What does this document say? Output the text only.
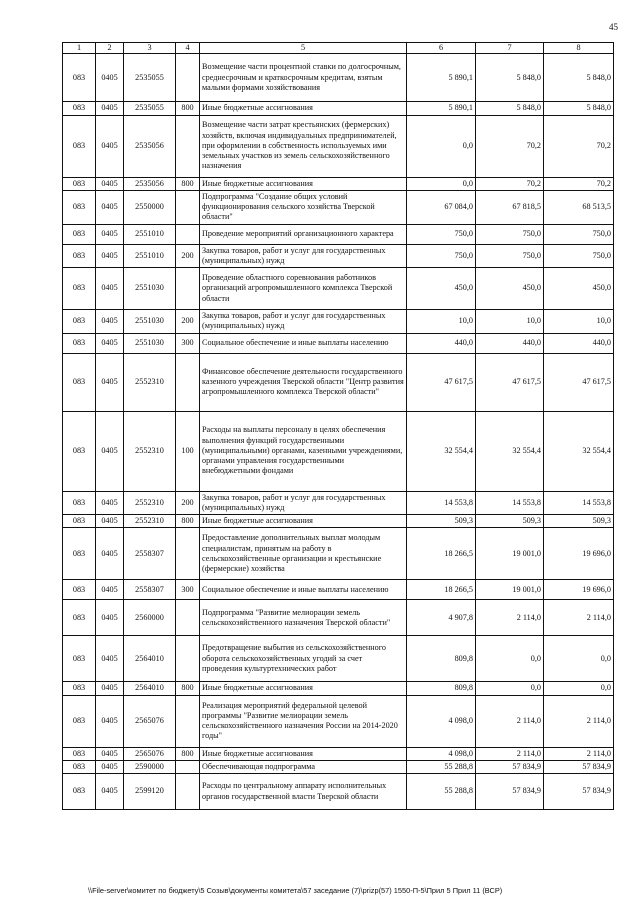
45
1	2	3	4	5	6	7	8
083	0405	2535055		Возмещение части процентной ставки по долгосрочным, среднесрочным и краткосрочным кредитам, взятым малыми формами хозяйствования	5 890,1	5 848,0	5 848,0
083	0405	2535055	800	Иные бюджетные ассигнования	5 890,1	5 848,0	5 848,0
083	0405	2535056		Возмещение части затрат крестьянских (фермерских) хозяйств, включая индивидуальных предпринимателей, при оформлении в собственность используемых ими земельных участков из земель сельскохозяйственного назначения	0,0	70,2	70,2
083	0405	2535056	800	Иные бюджетные ассигнования	0,0	70,2	70,2
083	0405	2550000		Подпрограмма "Создание общих условий функционирования сельского хозяйства Тверской области"	67 084,0	67 818,5	68 513,5
083	0405	2551010		Проведение мероприятий организационного характера	750,0	750,0	750,0
083	0405	2551010	200	Закупка товаров, работ и услуг для государственных (муниципальных) нужд	750,0	750,0	750,0
083	0405	2551030		Проведение областного соревнования работников организаций агропромышленного комплекса Тверской области	450,0	450,0	450,0
083	0405	2551030	200	Закупка товаров, работ и услуг для государственных (муниципальных) нужд	10,0	10,0	10,0
083	0405	2551030	300	Социальное обеспечение и иные выплаты населению	440,0	440,0	440,0
083	0405	2552310		Финансовое обеспечение деятельности государственного казенного учреждения Тверской области "Центр развития агропромышленного комплекса Тверской области"	47 617,5	47 617,5	47 617,5
083	0405	2552310	100	Расходы на выплаты персоналу в целях обеспечения выполнения функций государственными (муниципальными) органами, казенными учреждениями, органами управления государственными внебюджетными фондами	32 554,4	32 554,4	32 554,4
083	0405	2552310	200	Закупка товаров, работ и услуг для государственных (муниципальных) нужд	14 553,8	14 553,8	14 553,8
083	0405	2552310	800	Иные бюджетные ассигнования	509,3	509,3	509,3
083	0405	2558307		Предоставление дополнительных выплат молодым специалистам, принятым на работу в сельскохозяйственные организации и крестьянские (фермерские) хозяйства	18 266,5	19 001,0	19 696,0
083	0405	2558307	300	Социальное обеспечение и иные выплаты населению	18 266,5	19 001,0	19 696,0
083	0405	2560000		Подпрограмма "Развитие мелиорации земель сельскохозяйственного назначения Тверской области"	4 907,8	2 114,0	2 114,0
083	0405	2564010		Предотвращение выбытия из сельскохозяйственного оборота сельскохозяйственных угодий за счет проведения культуртехнических работ	809,8	0,0	0,0
083	0405	2564010	800	Иные бюджетные ассигнования	809,8	0,0	0,0
083	0405	2565076		Реализация мероприятий федеральной целевой программы "Развитие мелиорации земель сельскохозяйственного назначения России на 2014-2020 годы"	4 098,0	2 114,0	2 114,0
083	0405	2565076	800	Иные бюджетные ассигнования	4 098,0	2 114,0	2 114,0
083	0405	2590000		Обеспечивающая подпрограмма	55 288,8	57 834,9	57 834,9
083	0405	2599120		Расходы по центральному аппарату исполнительных органов государственной власти Тверской области	55 288,8	57 834,9	57 834,9
\\File-server\комитет по бюджету\5 Созыв\документы комитета\57 заседание (7)\prizp(57) 1550-П-5\Прил 5 Прил 11 (ВСР)
